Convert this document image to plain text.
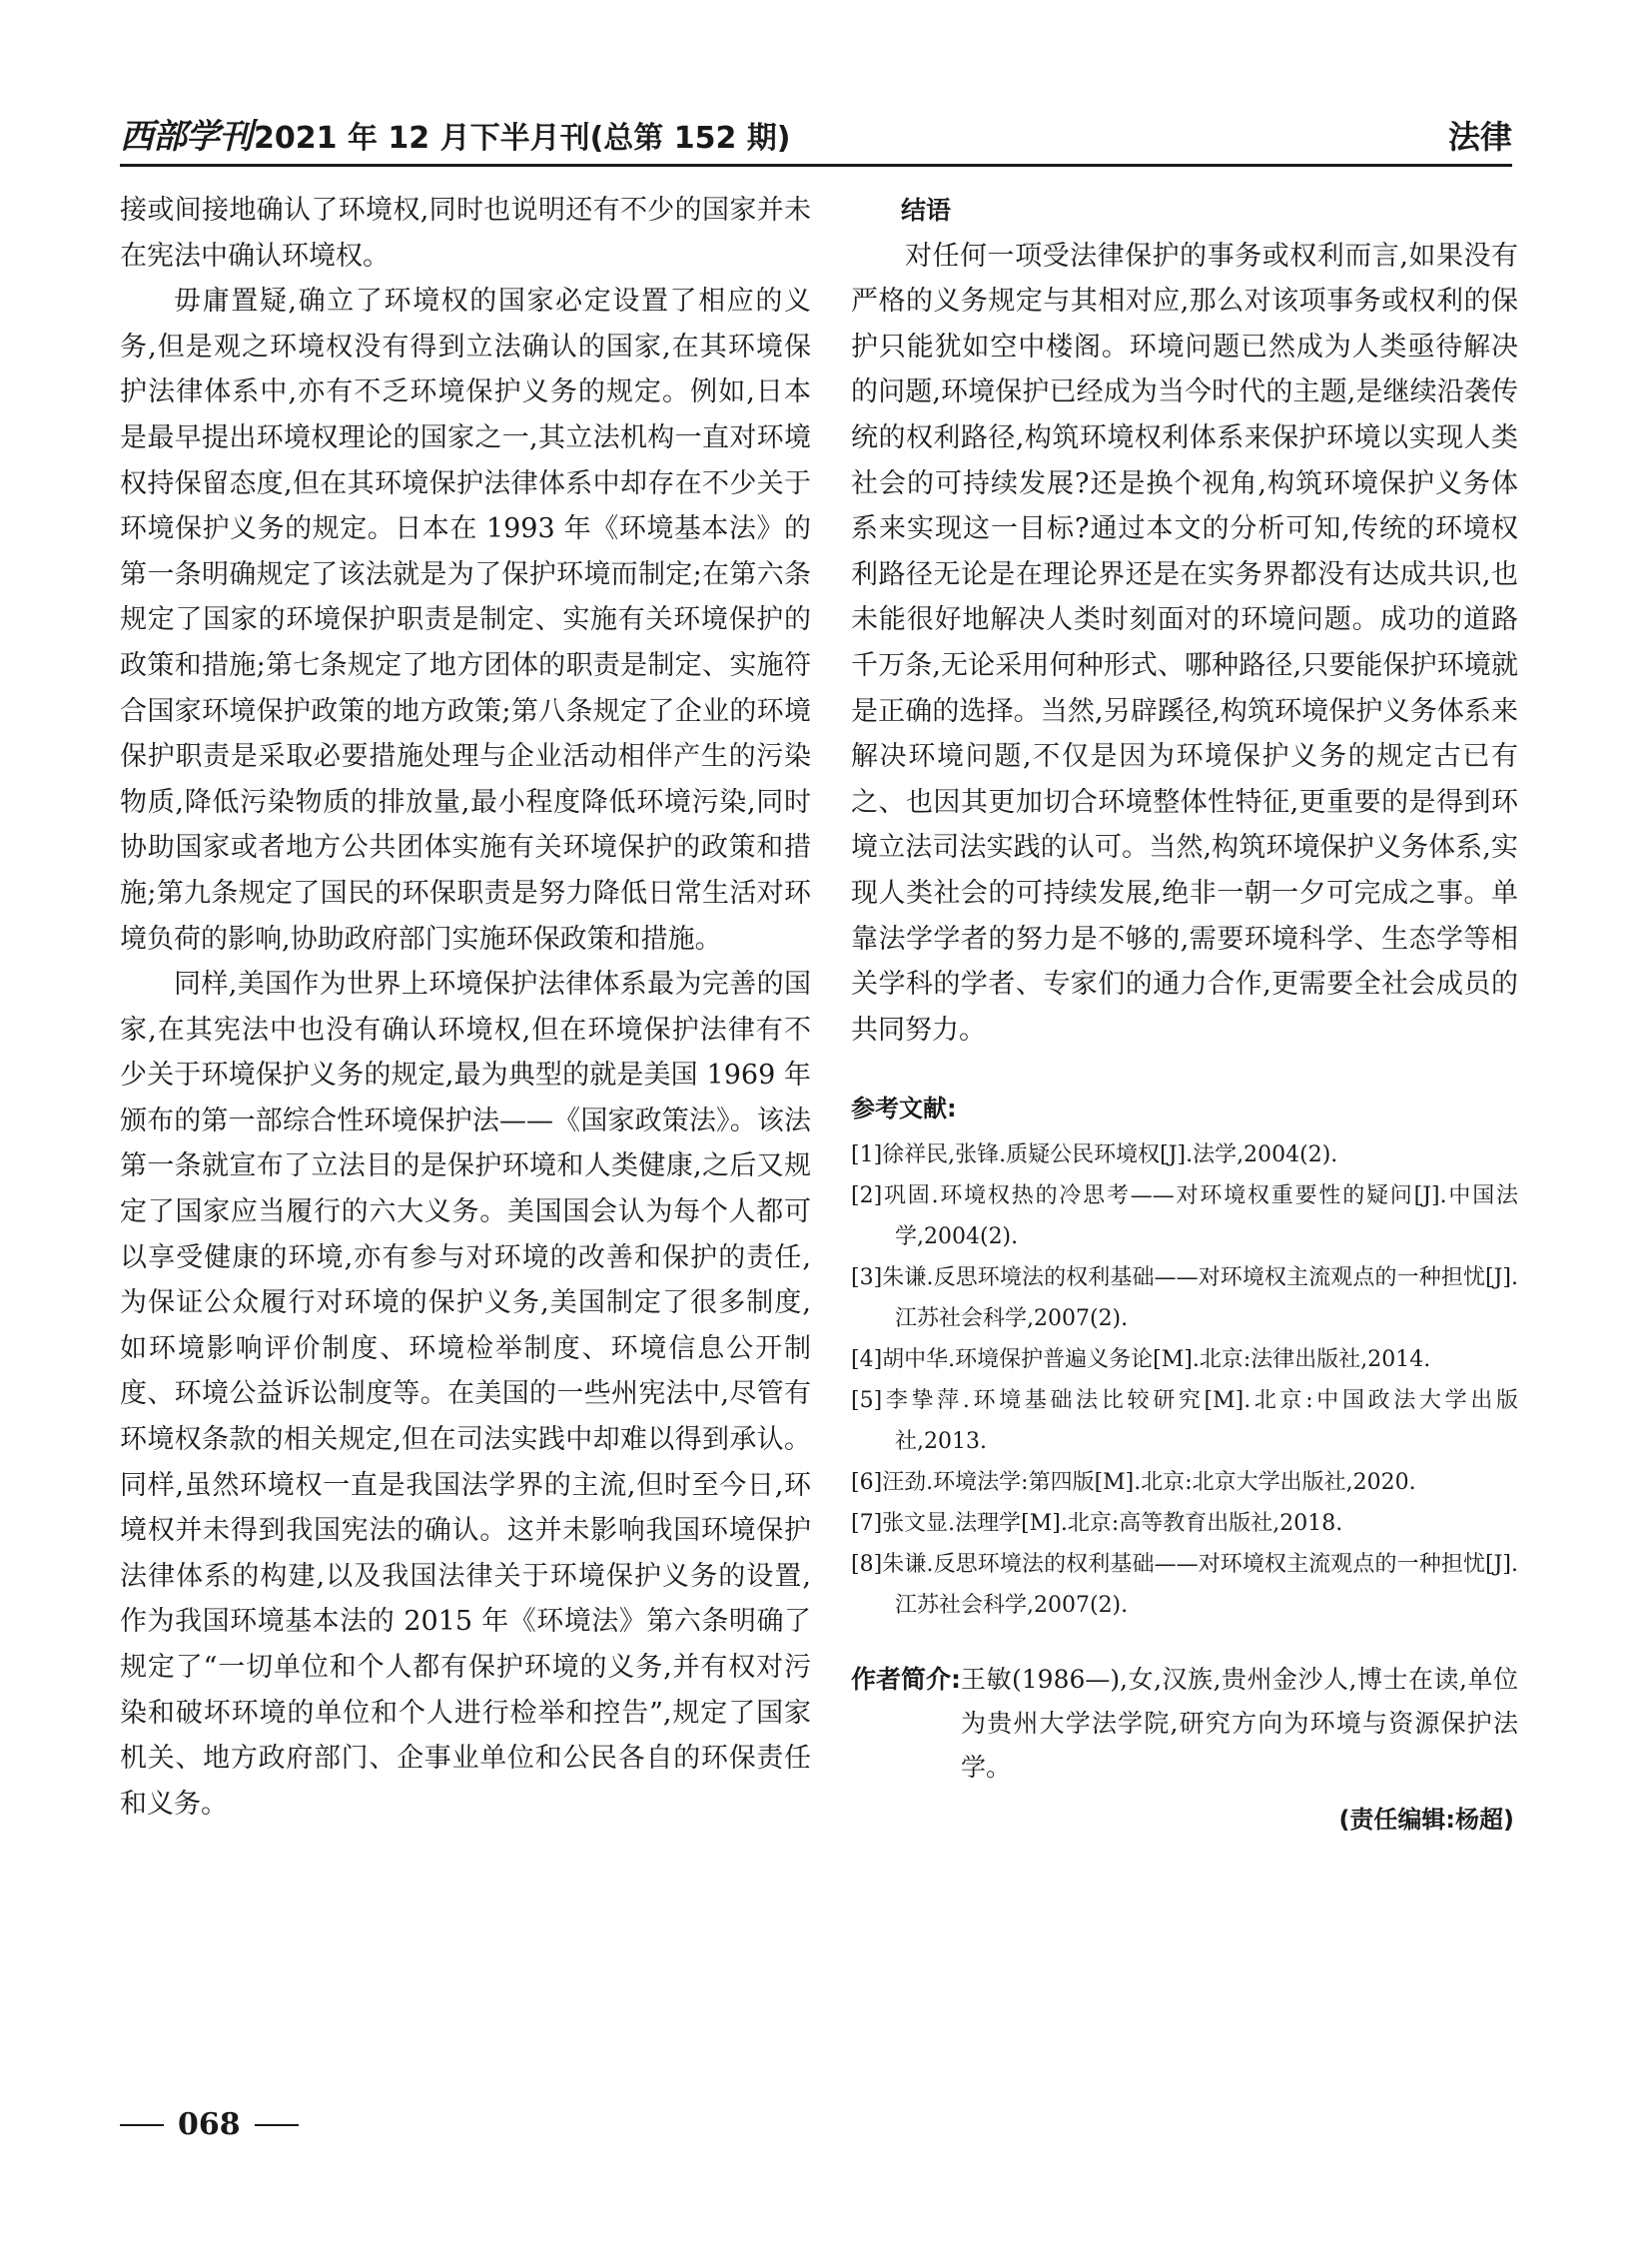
西部学刊 2021 年 12 月下半月刊(总第 152 期)	法律

接或间接地确认了环境权,同时也说明还有不少的国家并未在宪法中确认环境权。

毋庸置疑,确立了环境权的国家必定设置了相应的义务,但是观之环境权没有得到立法确认的国家,在其环境保护法律体系中,亦有不乏环境保护义务的规定。例如,日本是最早提出环境权理论的国家之一,其立法机构一直对环境权持保留态度,但在其环境保护法律体系中却存在不少关于环境保护义务的规定。日本在 1993 年《环境基本法》的第一条明确规定了该法就是为了保护环境而制定;在第六条规定了国家的环境保护职责是制定、实施有关环境保护的政策和措施;第七条规定了地方团体的职责是制定、实施符合国家环境保护政策的地方政策;第八条规定了企业的环境保护职责是采取必要措施处理与企业活动相伴产生的污染物质,降低污染物质的排放量,最小程度降低环境污染,同时协助国家或者地方公共团体实施有关环境保护的政策和措施;第九条规定了国民的环保职责是努力降低日常生活对环境负荷的影响,协助政府部门实施环保政策和措施。

同样,美国作为世界上环境保护法律体系最为完善的国家,在其宪法中也没有确认环境权,但在环境保护法律有不少关于环境保护义务的规定,最为典型的就是美国 1969 年颁布的第一部综合性环境保护法——《国家政策法》。该法第一条就宣布了立法目的是保护环境和人类健康,之后又规定了国家应当履行的六大义务。美国国会认为每个人都可以享受健康的环境,亦有参与对环境的改善和保护的责任,为保证公众履行对环境的保护义务,美国制定了很多制度,如环境影响评价制度、环境检举制度、环境信息公开制度、环境公益诉讼制度等。在美国的一些州宪法中,尽管有环境权条款的相关规定,但在司法实践中却难以得到承认。同样,虽然环境权一直是我国法学界的主流,但时至今日,环境权并未得到我国宪法的确认。这并未影响我国环境保护法律体系的构建,以及我国法律关于环境保护义务的设置,作为我国环境基本法的 2015 年《环境法》第六条明确了规定了“一切单位和个人都有保护环境的义务,并有权对污染和破坏环境的单位和个人进行检举和控告”,规定了国家机关、地方政府部门、企事业单位和公民各自的环保责任和义务。

结语

对任何一项受法律保护的事务或权利而言,如果没有严格的义务规定与其相对应,那么对该项事务或权利的保护只能犹如空中楼阁。环境问题已然成为人类亟待解决的问题,环境保护已经成为当今时代的主题,是继续沿袭传统的权利路径,构筑环境权利体系来保护环境以实现人类社会的可持续发展?还是换个视角,构筑环境保护义务体系来实现这一目标?通过本文的分析可知,传统的环境权利路径无论是在理论界还是在实务界都没有达成共识,也未能很好地解决人类时刻面对的环境问题。成功的道路千万条,无论采用何种形式、哪种路径,只要能保护环境就是正确的选择。当然,另辟蹊径,构筑环境保护义务体系来解决环境问题,不仅是因为环境保护义务的规定古已有之、也因其更加切合环境整体性特征,更重要的是得到环境立法司法实践的认可。当然,构筑环境保护义务体系,实现人类社会的可持续发展,绝非一朝一夕可完成之事。单靠法学学者的努力是不够的,需要环境科学、生态学等相关学科的学者、专家们的通力合作,更需要全社会成员的共同努力。

参考文献:
[1]徐祥民,张锋.质疑公民环境权[J].法学,2004(2).
[2]巩固.环境权热的冷思考——对环境权重要性的疑问[J].中国法学,2004(2).
[3]朱谦.反思环境法的权利基础——对环境权主流观点的一种担忧[J].江苏社会科学,2007(2).
[4]胡中华.环境保护普遍义务论[M].北京:法律出版社,2014.
[5]李挚萍.环境基础法比较研究[M].北京:中国政法大学出版社,2013.
[6]汪劲.环境法学:第四版[M].北京:北京大学出版社,2020.
[7]张文显.法理学[M].北京:高等教育出版社,2018.
[8]朱谦.反思环境法的权利基础——对环境权主流观点的一种担忧[J].江苏社会科学,2007(2).
作者简介: 王敏(1986—),女,汉族,贵州金沙人,博士在读,单位为贵州大学法学院,研究方向为环境与资源保护法学。
(责任编辑:杨超)
068
